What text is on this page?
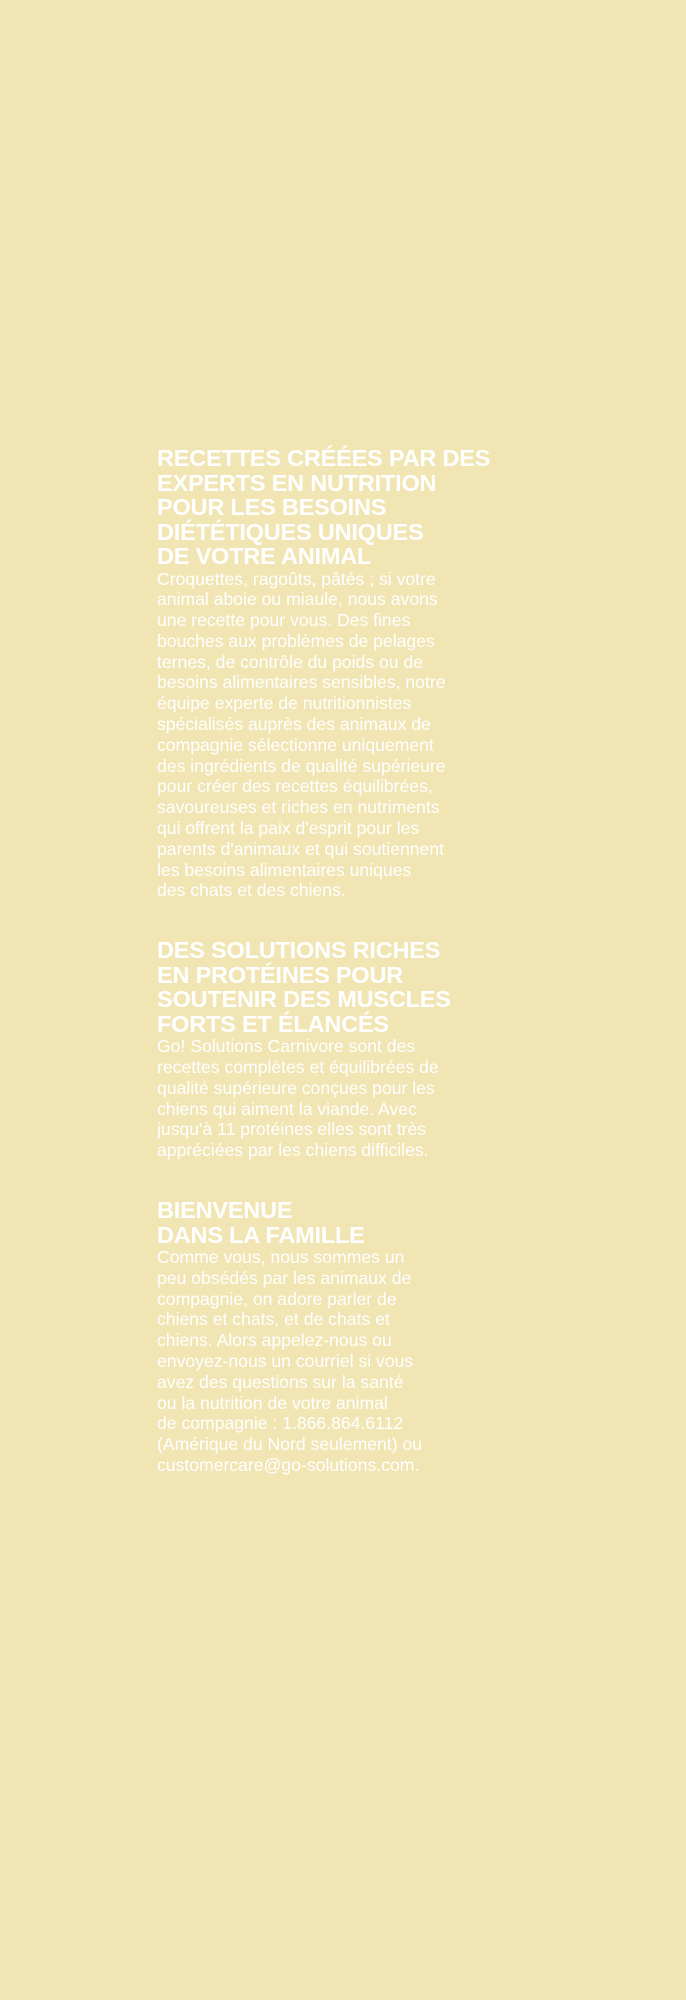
RECETTES CRÉÉES PAR DES
EXPERTS EN NUTRITION
POUR LES BESOINS
DIÉTÉTIQUES UNIQUES
DE VOTRE ANIMAL

Croquettes, ragoûts, pâtés ; si votre
animal aboie ou miaule, nous avons
une recette pour vous. Des fines
bouches aux problèmes de pelages
ternes, de contrôle du poids ou de
besoins alimentaires sensibles, notre
équipe experte de nutritionnistes
spécialisés auprès des animaux de
compagnie sélectionne uniquement
des ingrédients de qualité supérieure
pour créer des recettes équilibrées,
savoureuses et riches en nutriments
qui offrent la paix d'esprit pour les
parents d'animaux et qui soutiennent
les besoins alimentaires uniques
des chats et des chiens.

DES SOLUTIONS RICHES
EN PROTÉINES POUR
SOUTENIR DES MUSCLES
FORTS ET ÉLANCÉS

Go! Solutions Carnivore sont des
recettes complètes et équilibrées de
qualité supérieure conçues pour les
chiens qui aiment la viande. Avec
jusqu'à 11 protéines elles sont très
appréciées par les chiens difficiles.

BIENVENUE
DANS LA FAMILLE

Comme vous, nous sommes un
peu obsédés par les animaux de
compagnie, on adore parler de
chiens et chats, et de chats et
chiens. Alors appelez-nous ou
envoyez-nous un courriel si vous
avez des questions sur la santé
ou la nutrition de votre animal
de compagnie : 1.866.864.6112
(Amérique du Nord seulement) ou
customercare@go-solutions.com.
